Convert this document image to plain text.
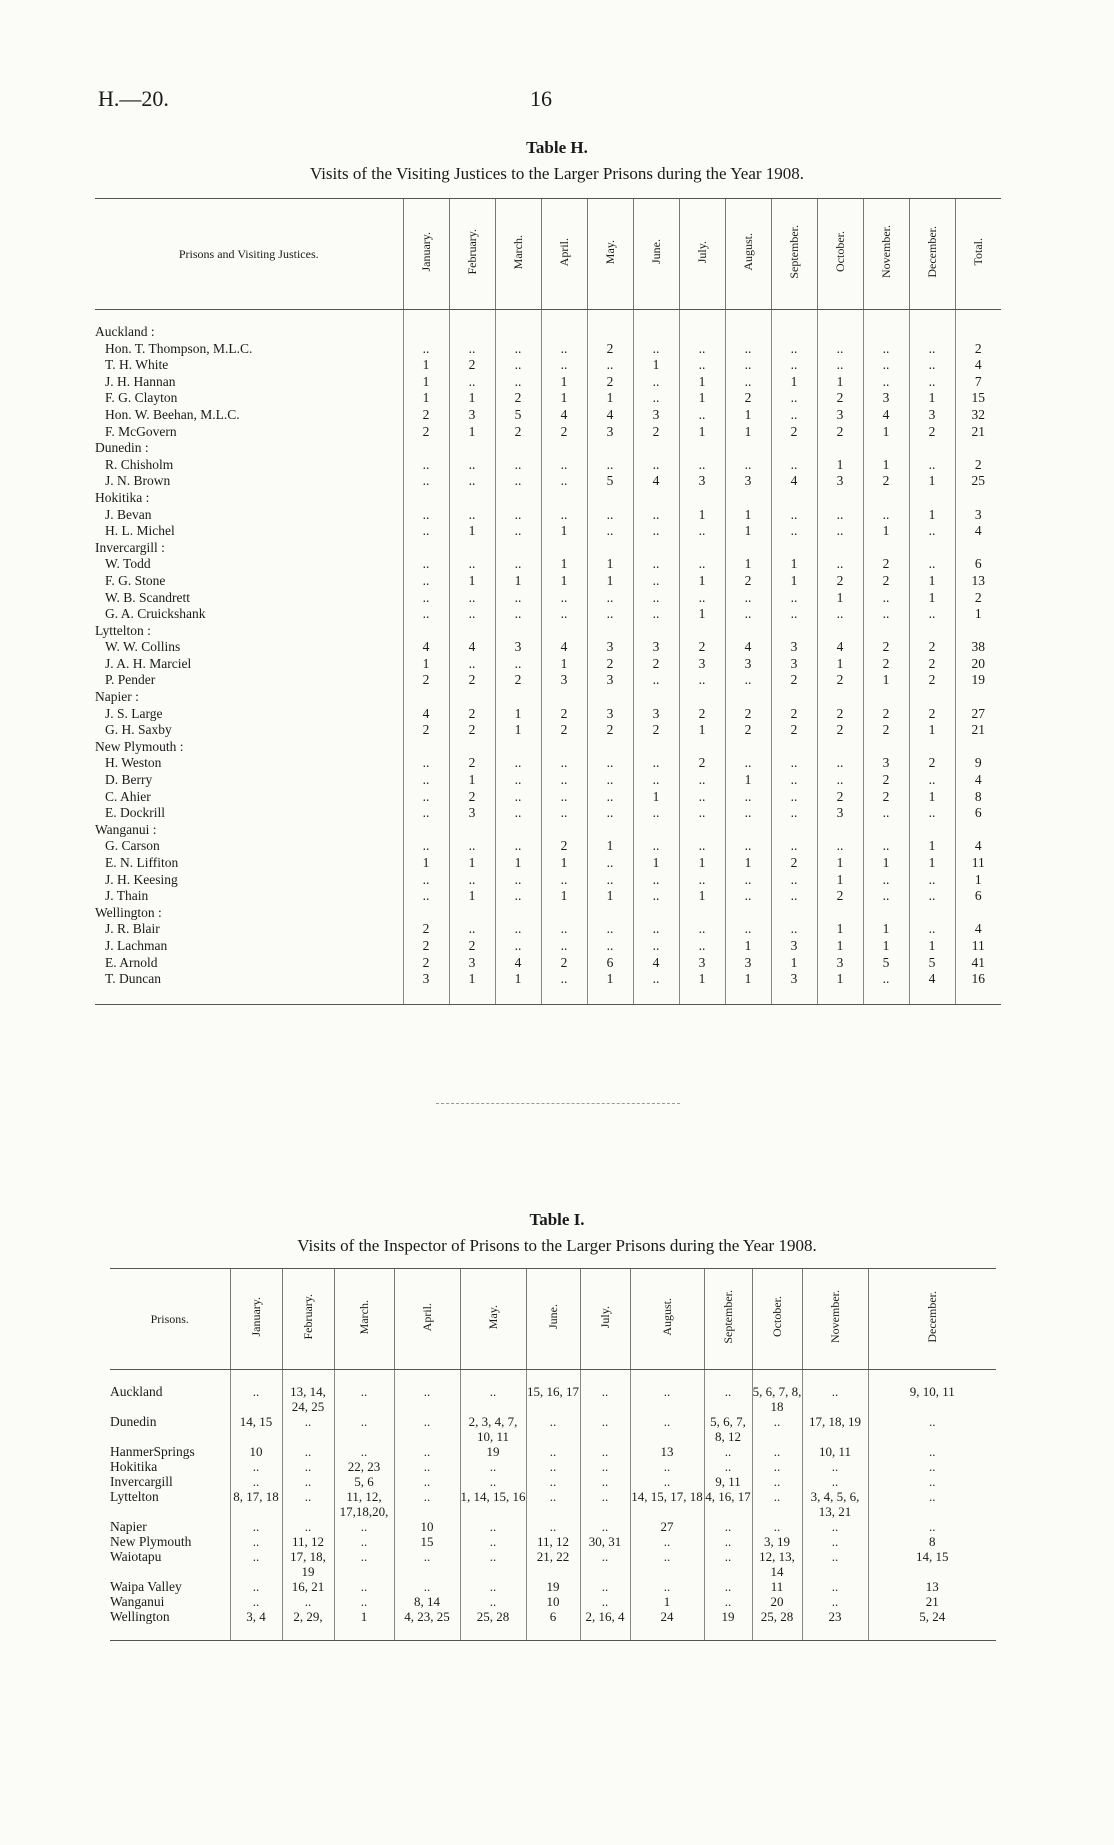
H.—20.	16
Table H.
Visits of the Visiting Justices to the Larger Prisons during the Year 1908.
Prisons and Visiting Justices.	January.	February.	March.	April.	May.	June.	July.	August.	September.	October.	November.	December.	Total.

Auckland :													
Hon. T. Thompson, M.L.C.	..	..	..	..	2	..	..	..	..	..	..	..	2
T. H. White	1	2	..	..	..	1	..	..	..	..	..	..	4
J. H. Hannan	1	..	..	1	2	..	1	..	1	1	..	..	7
F. G. Clayton	1	1	2	1	1	..	1	2	..	2	3	1	15
Hon. W. Beehan, M.L.C.	2	3	5	4	4	3	..	1	..	3	4	3	32
F. McGovern	2	1	2	2	3	2	1	1	2	2	1	2	21
Dunedin :													
R. Chisholm	..	..	..	..	..	..	..	..	..	1	1	..	2
J. N. Brown	..	..	..	..	5	4	3	3	4	3	2	1	25
Hokitika :													
J. Bevan	..	..	..	..	..	..	1	1	..	..	..	1	3
H. L. Michel	..	1	..	1	..	..	..	1	..	..	1	..	4
Invercargill :													
W. Todd	..	..	..	1	1	..	..	1	1	..	2	..	6
F. G. Stone	..	1	1	1	1	..	1	2	1	2	2	1	13
W. B. Scandrett	..	..	..	..	..	..	..	..	..	1	..	1	2
G. A. Cruickshank	..	..	..	..	..	..	1	..	..	..	..	..	1
Lyttelton :													
W. W. Collins	4	4	3	4	3	3	2	4	3	4	2	2	38
J. A. H. Marciel	1	..	..	1	2	2	3	3	3	1	2	2	20
P. Pender	2	2	2	3	3	..	..	..	2	2	1	2	19
Napier :													
J. S. Large	4	2	1	2	3	3	2	2	2	2	2	2	27
G. H. Saxby	2	2	1	2	2	2	1	2	2	2	2	1	21
New Plymouth :													
H. Weston	..	2	..	..	..	..	2	..	..	..	3	2	9
D. Berry	..	1	..	..	..	..	..	1	..	..	2	..	4
C. Ahier	..	2	..	..	..	1	..	..	..	2	2	1	8
E. Dockrill	..	3	..	..	..	..	..	..	..	3	..	..	6
Wanganui :													
G. Carson	..	..	..	2	1	..	..	..	..	..	..	1	4
E. N. Liffiton	1	1	1	1	..	1	1	1	2	1	1	1	11
J. H. Keesing	..	..	..	..	..	..	..	..	..	1	..	..	1
J. Thain	..	1	..	1	1	..	1	..	..	2	..	..	6
Wellington :													
J. R. Blair	2	..	..	..	..	..	..	..	..	1	1	..	4
J. Lachman	2	2	..	..	..	..	..	1	3	1	1	1	11
E. Arnold	2	3	4	2	6	4	3	3	1	3	5	5	41
T. Duncan	3	1	1	..	1	..	1	1	3	1	..	4	16

Table I.
Visits of the Inspector of Prisons to the Larger Prisons during the Year 1908.
Prisons.	January.	February.	March.	April.	May.	June.	July.	August.	September.	October.	November.	December.

Auckland	..	13, 14, 24, 25	..	..	..	15, 16, 17	..	..	..	5, 6, 7, 8, 18	..	9, 10, 11
Dunedin	14, 15	..	..	..	2, 3, 4, 7, 10, 11	..	..	..	5, 6, 7, 8, 12	..	17, 18, 19	..
HanmerSprings	10	..	..	..	19	..	..	13	..	..	10, 11	..
Hokitika	..	..	22, 23	..	..	..	..	..	..	..	..	..
Invercargill	..	..	5, 6	..	..	..	..	..	9, 11	..	..	..
Lyttelton	8, 17, 18	..	11, 12, 17,18,20,	..	1, 14, 15, 16	..	..	14, 15, 17, 18	4, 16, 17	..	3, 4, 5, 6, 13, 21	..
Napier	..	..	..	10	..	..	..	27	..	..	..	..
New Plymouth	..	11, 12	..	15	..	11, 12	30, 31	..	..	3, 19	..	8
Waiotapu	..	17, 18, 19	..	..	..	21, 22	..	..	..	12, 13, 14	..	14, 15
Waipa Valley	..	16, 21	..	..	..	19	..	..	..	11	..	13
Wanganui	..	..	..	8, 14	..	10	..	1	..	20	..	21
Wellington	3, 4	2, 29,	1	4, 23, 25	25, 28	6	2, 16, 4	24	19	25, 28	23	5, 24
